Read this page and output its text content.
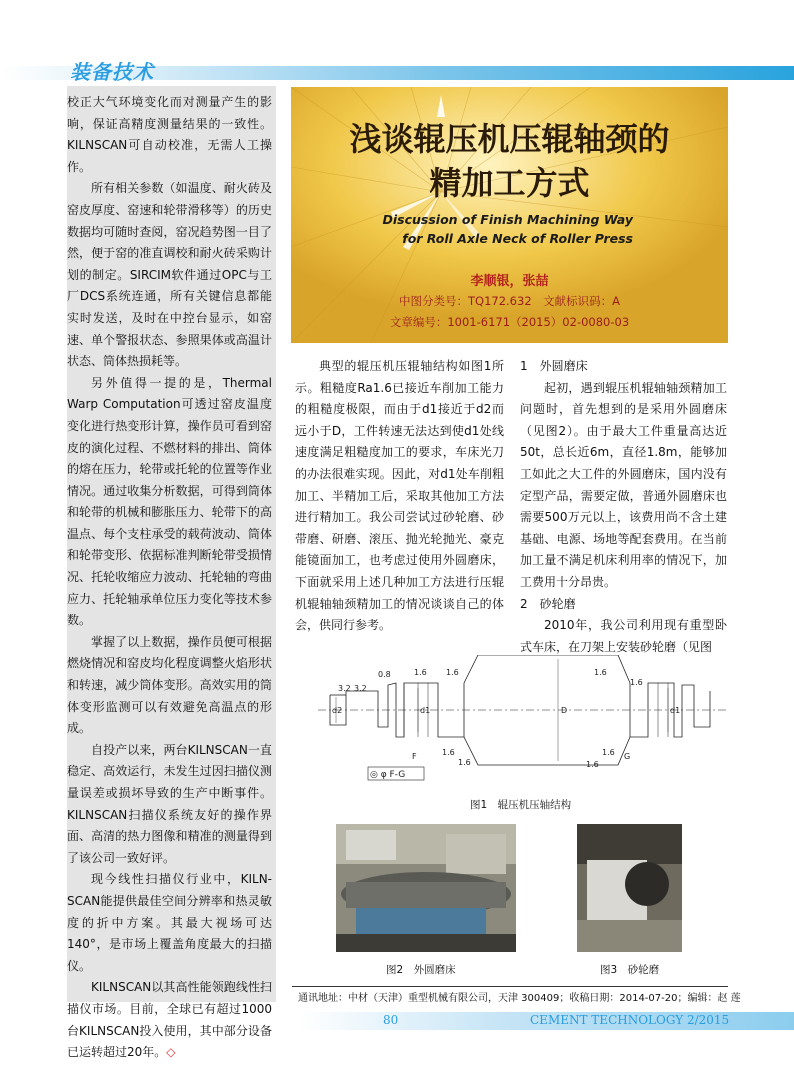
装备技术

校正大气环境变化而对测量产生的影响，保证高精度测量结果的一致性。KILNSCAN可自动校准，无需人工操作。

所有相关参数（如温度、耐火砖及窑皮厚度、窑速和轮带滑移等）的历史数据均可随时查阅，窑况趋势图一目了然，便于窑的准直调校和耐火砖采购计划的制定。SIRCIM软件通过OPC与工厂DCS系统连通，所有关键信息都能实时发送，及时在中控台显示，如窑速、单个警报状态、参照果体或高温计状态、筒体热损耗等。

另外值得一提的是，Thermal Warp Computation可透过窑皮温度变化进行热变形计算，操作员可看到窑皮的演化过程、不燃材料的排出、筒体的熔在压力，轮带或托轮的位置等作业情况。通过收集分析数据，可得到筒体和轮带的机械和膨胀压力、轮带下的高温点、每个支柱承受的载荷波动、筒体和轮带变形、依据标准判断轮带受损情况、托轮收缩应力波动、托轮轴的弯曲应力、托轮轴承单位压力变化等技术参数。

掌握了以上数据，操作员便可根据燃烧情况和窑皮均化程度调整火焰形状和转速，减少筒体变形。高效实用的筒体变形监测可以有效避免高温点的形成。

自投产以来，两台KILNSCAN一直稳定、高效运行，未发生过因扫描仪测量误差或损坏导致的生产中断事件。KILNSCAN扫描仪系统友好的操作界面、高清的热力图像和精准的测量得到了该公司一致好评。

现今线性扫描仪行业中，KILN-SCAN能提供最佳空间分辨率和热灵敏度的折中方案。其最大视场可达140°，是市场上覆盖角度最大的扫描仪。

KILNSCAN以其高性能领跑线性扫描仪市场。目前，全球已有超过1000台KILNSCAN投入使用，其中部分设备已运转超过20年。◇

浅谈辊压机压辊轴颈的
精加工方式
Discussion of Finish Machining Way
for Roll Axle Neck of Roller Press
李顺银，张喆
中图分类号：TQ172.632　文献标识码：A
文章编号：1001-6171（2015）02-0080-03

典型的辊压机压辊轴结构如图1所示。粗糙度Ra1.6已接近车削加工能力的粗糙度极限，而由于d1接近于d2而远小于D，工件转速无法达到使d1处线速度满足粗糙度加工的要求，车床光刀的办法很难实现。因此，对d1处车削粗加工、半精加工后，采取其他加工方法进行精加工。我公司尝试过砂轮磨、砂带磨、研磨、滚压、抛光轮抛光、豪克能镜面加工，也考虑过使用外圆磨床，下面就采用上述几种加工方法进行压辊机辊轴轴颈精加工的情况谈谈自己的体会，供同行参考。

1　外圆磨床

起初，遇到辊压机辊轴轴颈精加工问题时，首先想到的是采用外圆磨床（见图2）。由于最大工件重量高达近50t，总长近6m，直径1.8m，能够加工如此之大工件的外圆磨床，国内没有定型产品，需要定做，普通外圆磨床也需要500万元以上，该费用尚不含土建基础、电源、场地等配套费用。在当前加工量不满足机床利用率的情况下，加工费用十分昂贵。

2　砂轮磨

2010年，我公司利用现有重型卧式车床，在刀架上安装砂轮磨（见图

3.2 3.2
0.8	1.6 1.6	1.6
1.6
1.6
1.6	1.6
1.6
d2	d1	D	d1
F	G
◎ φ F-G
图1　辊压机压轴结构
图2　外圆磨床	图3　砂轮磨
通讯地址：中材（天津）重型机械有限公司，天津 300409；收稿日期：2014-07-20；编辑：赵 莲
80	CEMENT TECHNOLOGY 2/2015
